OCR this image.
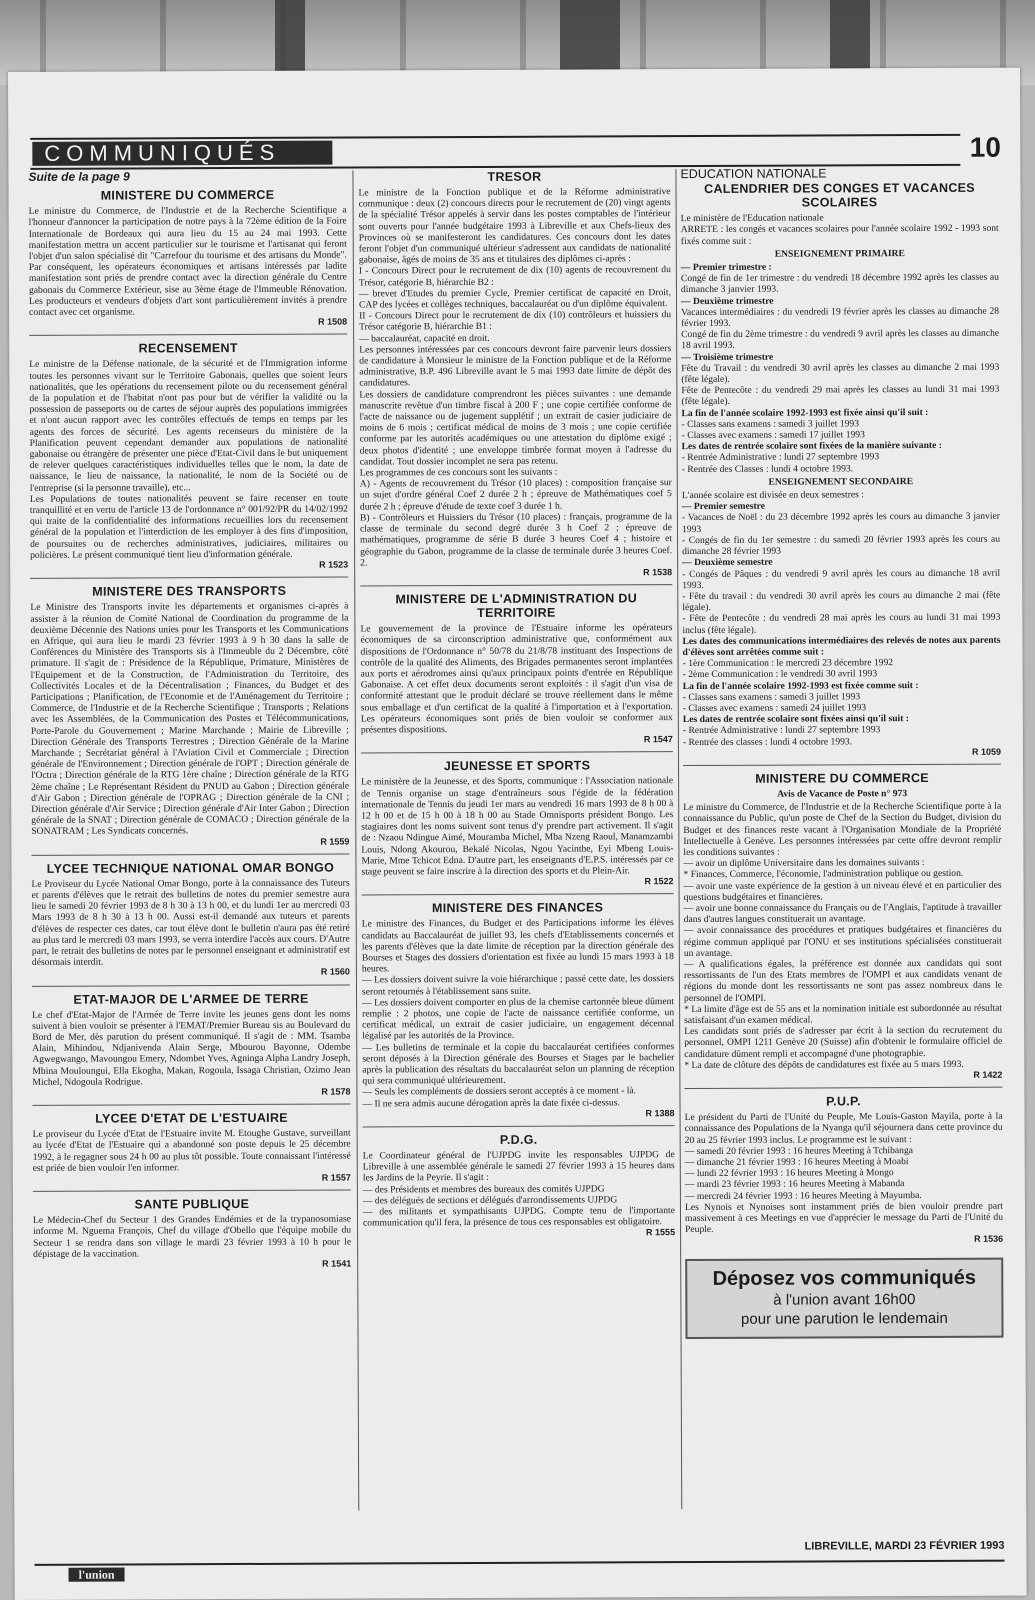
COMMUNIQUÉS	10
Suite de la page 9
MINISTERE DU COMMERCE

Le ministre du Commerce, de l'Industrie et de la Recherche Scientifique a l'honneur d'annoncer la participation de notre pays à la 72ème édition de la Foire Internationale de Bordeaux qui aura lieu du 15 au 24 mai 1993. Cette manifestation mettra un accent particulier sur le tourisme et l'artisanat qui feront l'objet d'un salon spécialisé dit "Carrefour du tourisme et des artisans du Monde". Par conséquent, les opérateurs économiques et artisans intéressés par ladite manifestation sont priés de prendre contact avec la direction générale du Centre gabonais du Commerce Extérieur, sise au 3ème étage de l'Immeuble Rénovation. Les producteurs et vendeurs d'objets d'art sont particulièrement invités à prendre contact avec cet organisme.

R 1508
RECENSEMENT

Le ministre de la Défense nationale, de la sécurité et de l'Immigration informe toutes les personnes vivant sur le Territoire Gabonais, quelles que soient leurs nationalités, que les opérations du recensement pilote ou du recensement général de la population et de l'habitat n'ont pas pour but de vérifier la validité ou la possession de passeports ou de cartes de séjour auprès des populations immigrées et n'ont aucun rapport avec les contrôles effectués de temps en temps par les agents des forces de sécurité. Les agents recenseurs du ministère de la Planification peuvent cependant demander aux populations de nationalité gabonaise ou étrangère de présenter une pièce d'Etat-Civil dans le but uniquement de relever quelques caractéristiques individuelles telles que le nom, la date de naissance, le lieu de naissance, la nationalité, le nom de la Société ou de l'entreprise (si la personne travaille), etc...

Les Populations de toutes nationalités peuvent se faire recenser en toute tranquillité et en vertu de l'article 13 de l'ordonnance n° 001/92/PR du 14/02/1992 qui traite de la confidentialité des informations recueillies lors du recensement général de la population et l'interdiction de les employer à des fins d'imposition, de poursuites ou de recherches administratives, judiciaires, militaires ou policières. Le présent communiqué tient lieu d'information générale.

R 1523
MINISTERE DES TRANSPORTS

Le Ministre des Transports invite les départements et organismes ci-après à assister à la réunion de Comité National de Coordination du programme de la deuxième Décennie des Nations unies pour les Transports et les Communications en Afrique, qui aura lieu le mardi 23 février 1993 à 9 h 30 dans la salle de Conférences du Ministère des Transports sis à l'Immeuble du 2 Décembre, côté primature. Il s'agit de : Présidence de la République, Primature, Ministères de l'Equipement et de la Construction, de l'Administration du Territoire, des Collectivités Locales et de la Décentralisation ; Finances, du Budget et des Participations ; Planification, de l'Economie et de l'Aménagement du Territoire ; Commerce, de l'Industrie et de la Recherche Scientifique ; Transports ; Relations avec les Assemblées, de la Communication des Postes et Télécommunications, Porte-Parole du Gouvernement ; Marine Marchande ; Mairie de Libreville ; Direction Générale des Transports Terrestres ; Direction Générale de la Marine Marchande ; Secrétariat général à l'Aviation Civil et Commerciale ; Direction générale de l'Environnement ; Direction générale de l'OPT ; Direction générale de l'Octra ; Direction générale de la RTG 1ère chaîne ; Direction générale de la RTG 2ème chaîne ; Le Représentant Résident du PNUD au Gabon ; Direction générale d'Air Gabon ; Direction générale de l'OPRAG ; Direction générale de la CNI ; Direction générale d'Air Service ; Direction générale d'Air Inter Gabon ; Direction générale de la SNAT ; Direction générale de COMACO ; Direction générale de la SONATRAM ; Les Syndicats concernés.

R 1559
LYCEE TECHNIQUE NATIONAL OMAR BONGO

Le Proviseur du Lycée National Omar Bongo, porte à la connaissance des Tuteurs et parents d'élèves que le retrait des bulletins de notes du premier semestre aura lieu le samedi 20 février 1993 de 8 h 30 à 13 h 00, et du lundi 1er au mercredi 03 Mars 1993 de 8 h 30 à 13 h 00. Aussi est-il demandé aux tuteurs et parents d'élèves de respecter ces dates, car tout élève dont le bulletin n'aura pas été retiré au plus tard le mercredi 03 mars 1993, se verra interdire l'accès aux cours. D'Autre part, le retrait des bulletins de notes par le personnel enseignant et administratif est désormais interdit.

R 1560
ETAT-MAJOR DE L'ARMEE DE TERRE

Le chef d'Etat-Major de l'Armée de Terre invite les jeunes gens dont les noms suivent à bien vouloir se présenter à l'EMAT/Premier Bureau sis au Boulevard du Bord de Mer, dès parution du présent communiqué. Il s'agit de : MM. Tsamba Alain, Mihindou, Ndjanivenda Alain Serge, Mbourou Bayonne, Odembe Agwegwango, Mavoungou Emery, Ndombet Yves, Agninga Alpha Landry Joseph, Mbina Mouloungui, Ella Ekogha, Makan, Rogoula, Issaga Christian, Ozimo Jean Michel, Ndogoula Rodrigue.

R 1578
LYCEE D'ETAT DE L'ESTUAIRE

Le proviseur du Lycée d'Etat de l'Estuaire invite M. Etoughe Gustave, surveillant au lycée d'Etat de l'Estuaire qui a abandonné son poste depuis le 25 décembre 1992, à le regagner sous 24 h 00 au plus tôt possible. Toute connaissant l'intéressé est priée de bien vouloir l'en informer.

R 1557
SANTE PUBLIQUE

Le Médecin-Chef du Secteur 1 des Grandes Endémies et de la trypanosomiase informe M. Nguema François, Chef du village d'Obello que l'équipe mobile du Secteur 1 se rendra dans son village le mardi 23 février 1993 à 10 h pour le dépistage de la vaccination.

R 1541
TRESOR

Le ministre de la Fonction publique et de la Réforme administrative communique : deux (2) concours directs pour le recrutement de (20) vingt agents de la spécialité Trésor appelés à servir dans les postes comptables de l'intérieur sont ouverts pour l'année budgétaire 1993 à Libreville et aux Chefs-lieux des Provinces où se manifesteront les candidatures. Ces concours dont les dates feront l'objet d'un communiqué ultérieur s'adressent aux candidats de nationalité gabonaise, âgés de moins de 35 ans et titulaires des diplômes ci-après :

I - Concours Direct pour le recrutement de dix (10) agents de recouvrement du Trésor, catégorie B, hiérarchie B2 :

— brevet d'Etudes du premier Cycle, Premier certificat de capacité en Droit, CAP des lycées et collèges techniques, baccalauréat ou d'un diplôme équivalent.

II - Concours Direct pour le recrutement de dix (10) contrôleurs et huissiers du Trésor catégorie B, hiérarchie B1 :

— baccalauréat, capacité en droit.

Les personnes intéressées par ces concours devront faire parvenir leurs dossiers de candidature à Monsieur le ministre de la Fonction publique et de la Réforme administrative, B.P. 496 Libreville avant le 5 mai 1993 date limite de dépôt des candidatures.

Les dossiers de candidature comprendront les pièces suivantes : une demande manuscrite revêtue d'un timbre fiscal à 200 F ; une copie certifiée conforme de l'acte de naissance ou de jugement supplétif ; un extrait de casier judiciaire de moins de 6 mois ; certificat médical de moins de 3 mois ; une copie certifiée conforme par les autorités académiques ou une attestation du diplôme exigé ; deux photos d'identité ; une enveloppe timbrée format moyen à l'adresse du candidat. Tout dossier incomplet ne sera pas retenu.

Les programmes de ces concours sont les suivants :

A) - Agents de recouvrement du Trésor (10 places) : composition française sur un sujet d'ordre général Coef 2 durée 2 h ; épreuve de Mathématiques coef 5 durée 2 h ; épreuve d'étude de texte coef 3 durée 1 h.

B) - Contrôleurs et Huissiers du Trésor (10 places) : français, programme de la classe de terminale du second degré durée 3 h Coef 2 ; épreuve de mathématiques, programme de série B durée 3 heures Coef 4 ; histoire et géographie du Gabon, programme de la classe de terminale durée 3 heures Coef. 2.

R 1538
MINISTERE DE L'ADMINISTRATION DU TERRITOIRE

Le gouvernement de la province de l'Estuaire informe les opérateurs économiques de sa circonscription administrative que, conformément aux dispositions de l'Ordonnance n° 50/78 du 21/8/78 instituant des Inspections de contrôle de la qualité des Aliments, des Brigades permanentes seront implantées aux ports et aérodromes ainsi qu'aux principaux points d'entrée en République Gabonaise. A cet effet deux documents seront exploités : il s'agit d'un visa de conformité attestant que le produit déclaré se trouve réellement dans le même sous emballage et d'un certificat de la qualité à l'importation et à l'exportation. Les opérateurs économiques sont priés de bien vouloir se conformer aux présentes dispositions.

R 1547
JEUNESSE ET SPORTS

Le ministère de la Jeunesse, et des Sports, communique : l'Association nationale de Tennis organise un stage d'entraîneurs sous l'égide de la fédération internationale de Tennis du jeudi 1er mars au vendredi 16 mars 1993 de 8 h 00 à 12 h 00 et de 15 h 00 à 18 h 00 au Stade Omnisports président Bongo. Les stagiaires dont les noms suivent sont tenus d'y prendre part activement. Il s'agit de : Nzaou Ndingue Aimé, Mouramba Michel, Mba Nzeng Raoul, Manamzambi Louis, Ndong Akourou, Bekalé Nicolas, Ngou Yacinthe, Eyi Mbeng Louis-Marie, Mme Tchicot Edna. D'autre part, les enseignants d'E.P.S. intéressés par ce stage peuvent se faire inscrire à la direction des sports et du Plein-Air.

R 1522
MINISTERE DES FINANCES

Le ministre des Finances, du Budget et des Participations informe les élèves candidats au Baccalauréat de juillet 93, les chefs d'Etablissements concernés et les parents d'élèves que la date limite de réception par la direction générale des Bourses et Stages des dossiers d'orientation est fixée au lundi 15 mars 1993 à 18 heures.

— Les dossiers doivent suivre la voie hiérarchique ; passé cette date, les dossiers seront retournés à l'établissement sans suite.

— Les dossiers doivent comporter en plus de la chemise cartonnée bleue dûment remplie : 2 photos, une copie de l'acte de naissance certifiée conforme, un certificat médical, un extrait de casier judiciaire, un engagement décennal légalisé par les autorités de la Province.

— Les bulletins de terminale et la copie du baccalauréat certifiées conformes seront déposés à la Direction générale des Bourses et Stages par le bachelier après la publication des résultats du baccalauréat selon un planning de réception qui sera communiqué ultérieurement.

— Seuls les compléments de dossiers seront acceptés à ce moment - là.

— Il ne sera admis aucune dérogation après la date fixée ci-dessus.

R 1388
P.D.G.

Le Coordinateur général de l'UJPDG invite les responsables UJPDG de Libreville à une assemblée générale le samedi 27 février 1993 à 15 heures dans les Jardins de la Peyrie. Il s'agit :

— des Présidents et membres des bureaux des comités UJPDG

— des délégués de sections et délégués d'arrondissements UJPDG

— des militants et sympathisants UJPDG. Compte tenu de l'importante communication qu'il fera, la présence de tous ces responsables est obligatoire.

R 1555
EDUCATION NATIONALE
CALENDRIER DES CONGES ET VACANCES SCOLAIRES

Le ministère de l'Education nationale

ARRETE : les congés et vacances scolaires pour l'année scolaire 1992 - 1993 sont fixés comme suit :

ENSEIGNEMENT PRIMAIRE

— Premier trimestre :

Congé de fin de 1er trimestre : du vendredi 18 décembre 1992 après les classes au dimanche 3 janvier 1993.

— Deuxième trimestre

Vacances intermédiaires : du vendredi 19 février après les classes au dimanche 28 février 1993.

Congé de fin du 2ème trimestre : du vendredi 9 avril après les classes au dimanche 18 avril 1993.

— Troisième trimestre

Fête du Travail : du vendredi 30 avril après les classes au dimanche 2 mai 1993 (fête légale).

Fête de Pentecôte : du vendredi 29 mai après les classes au lundi 31 mai 1993 (fête légale).

La fin de l'année scolaire 1992-1993 est fixée ainsi qu'il suit :

- Classes sans examens : samedi 3 juillet 1993

- Classes avec examens : samedi 17 juillet 1993

Les dates de rentrée scolaire sont fixées de la manière suivante :

- Rentrée Administrative : lundi 27 septembre 1993

- Rentrée des Classes : lundi 4 octobre 1993.

ENSEIGNEMENT SECONDAIRE

L'année scolaire est divisée en deux semestres :

— Premier semestre

- Vacances de Noël : du 23 décembre 1992 après les cours au dimanche 3 janvier 1993

- Congés de fin du 1er semestre : du samedi 20 février 1993 après les cours au dimanche 28 février 1993

— Deuxième semestre

- Congés de Pâques : du vendredi 9 avril après les cours au dimanche 18 avril 1993.

- Fête du travail : du vendredi 30 avril après les cours au dimanche 2 mai (fête légale).

- Fête de Pentecôte : du vendredi 28 mai après les cours au lundi 31 mai 1993 inclus (fête légale).

Les dates des communications intermédiaires des relevés de notes aux parents d'élèves sont arrêtées comme suit :

- 1ère Communication : le mercredi 23 décembre 1992

- 2ème Communication : le vendredi 30 avril 1993

La fin de l'année scolaire 1992-1993 est fixée comme suit :

- Classes sans examens : samedi 3 juillet 1993

- Classes avec examens : samedi 24 juillet 1993

Les dates de rentrée scolaire sont fixées ainsi qu'il suit :

- Rentrée Administrative : lundi 27 septembre 1993

- Rentrée des classes : lundi 4 octobre 1993.

R 1059
MINISTERE DU COMMERCE
Avis de Vacance de Poste n° 973

Le ministre du Commerce, de l'Industrie et de la Recherche Scientifique porte à la connaissance du Public, qu'un poste de Chef de la Section du Budget, division du Budget et des finances reste vacant à l'Organisation Mondiale de la Propriété Intellectuelle à Genève. Les personnes intéressées par cette offre devront remplir les conditions suivantes :

— avoir un diplôme Universitaire dans les domaines suivants :

* Finances, Commerce, l'économie, l'administration publique ou gestion.

— avoir une vaste expérience de la gestion à un niveau élevé et en particulier des questions budgétaires et financières.

— avoir une bonne connaissance du Français ou de l'Anglais, l'aptitude à travailler dans d'autres langues constituerait un avantage.

— avoir connaissance des procédures et pratiques budgétaires et financières du régime commun appliqué par l'ONU et ses institutions spécialisées constituerait un avantage.

— A qualifications égales, la préférence est donnée aux candidats qui sont ressortissants de l'un des Etats membres de l'OMPI et aux candidats venant de régions du monde dont les ressortissants ne sont pas assez nombreux dans le personnel de l'OMPI.

* La limite d'âge est de 55 ans et la nomination initiale est subordonnée au résultat satisfaisant d'un examen médical.

Les candidats sont priés de s'adresser par écrit à la section du recrutement du personnel, OMPI 1211 Genève 20 (Suisse) afin d'obtenir le formulaire officiel de candidature dûment rempli et accompagné d'une photographie.

* La date de clôture des dépôts de candidatures est fixée au 5 mars 1993.

R 1422
P.U.P.

Le président du Parti de l'Unité du Peuple, Me Louis-Gaston Mayila, porte à la connaissance des Populations de la Nyanga qu'il séjournera dans cette province du 20 au 25 février 1993 inclus. Le programme est le suivant :

— samedi 20 février 1993 : 16 heures Meeting à Tchibanga

— dimanche 21 février 1993 : 16 heures Meeting à Moabi

— lundi 22 février 1993 : 16 heures Meeting à Mongo

— mardi 23 février 1993 : 16 heures Meeting à Mabanda

— mercredi 24 février 1993 : 16 heures Meeting à Mayumba.

Les Nynois et Nynoises sont instamment priés de bien vouloir prendre part massivement à ces Meetings en vue d'apprécier le message du Parti de l'Unité du Peuple.

R 1536
Déposez vos communiqués
à l'union avant 16h00
pour une parution le lendemain
l'union
LIBREVILLE, MARDI 23 FÉVRIER 1993
